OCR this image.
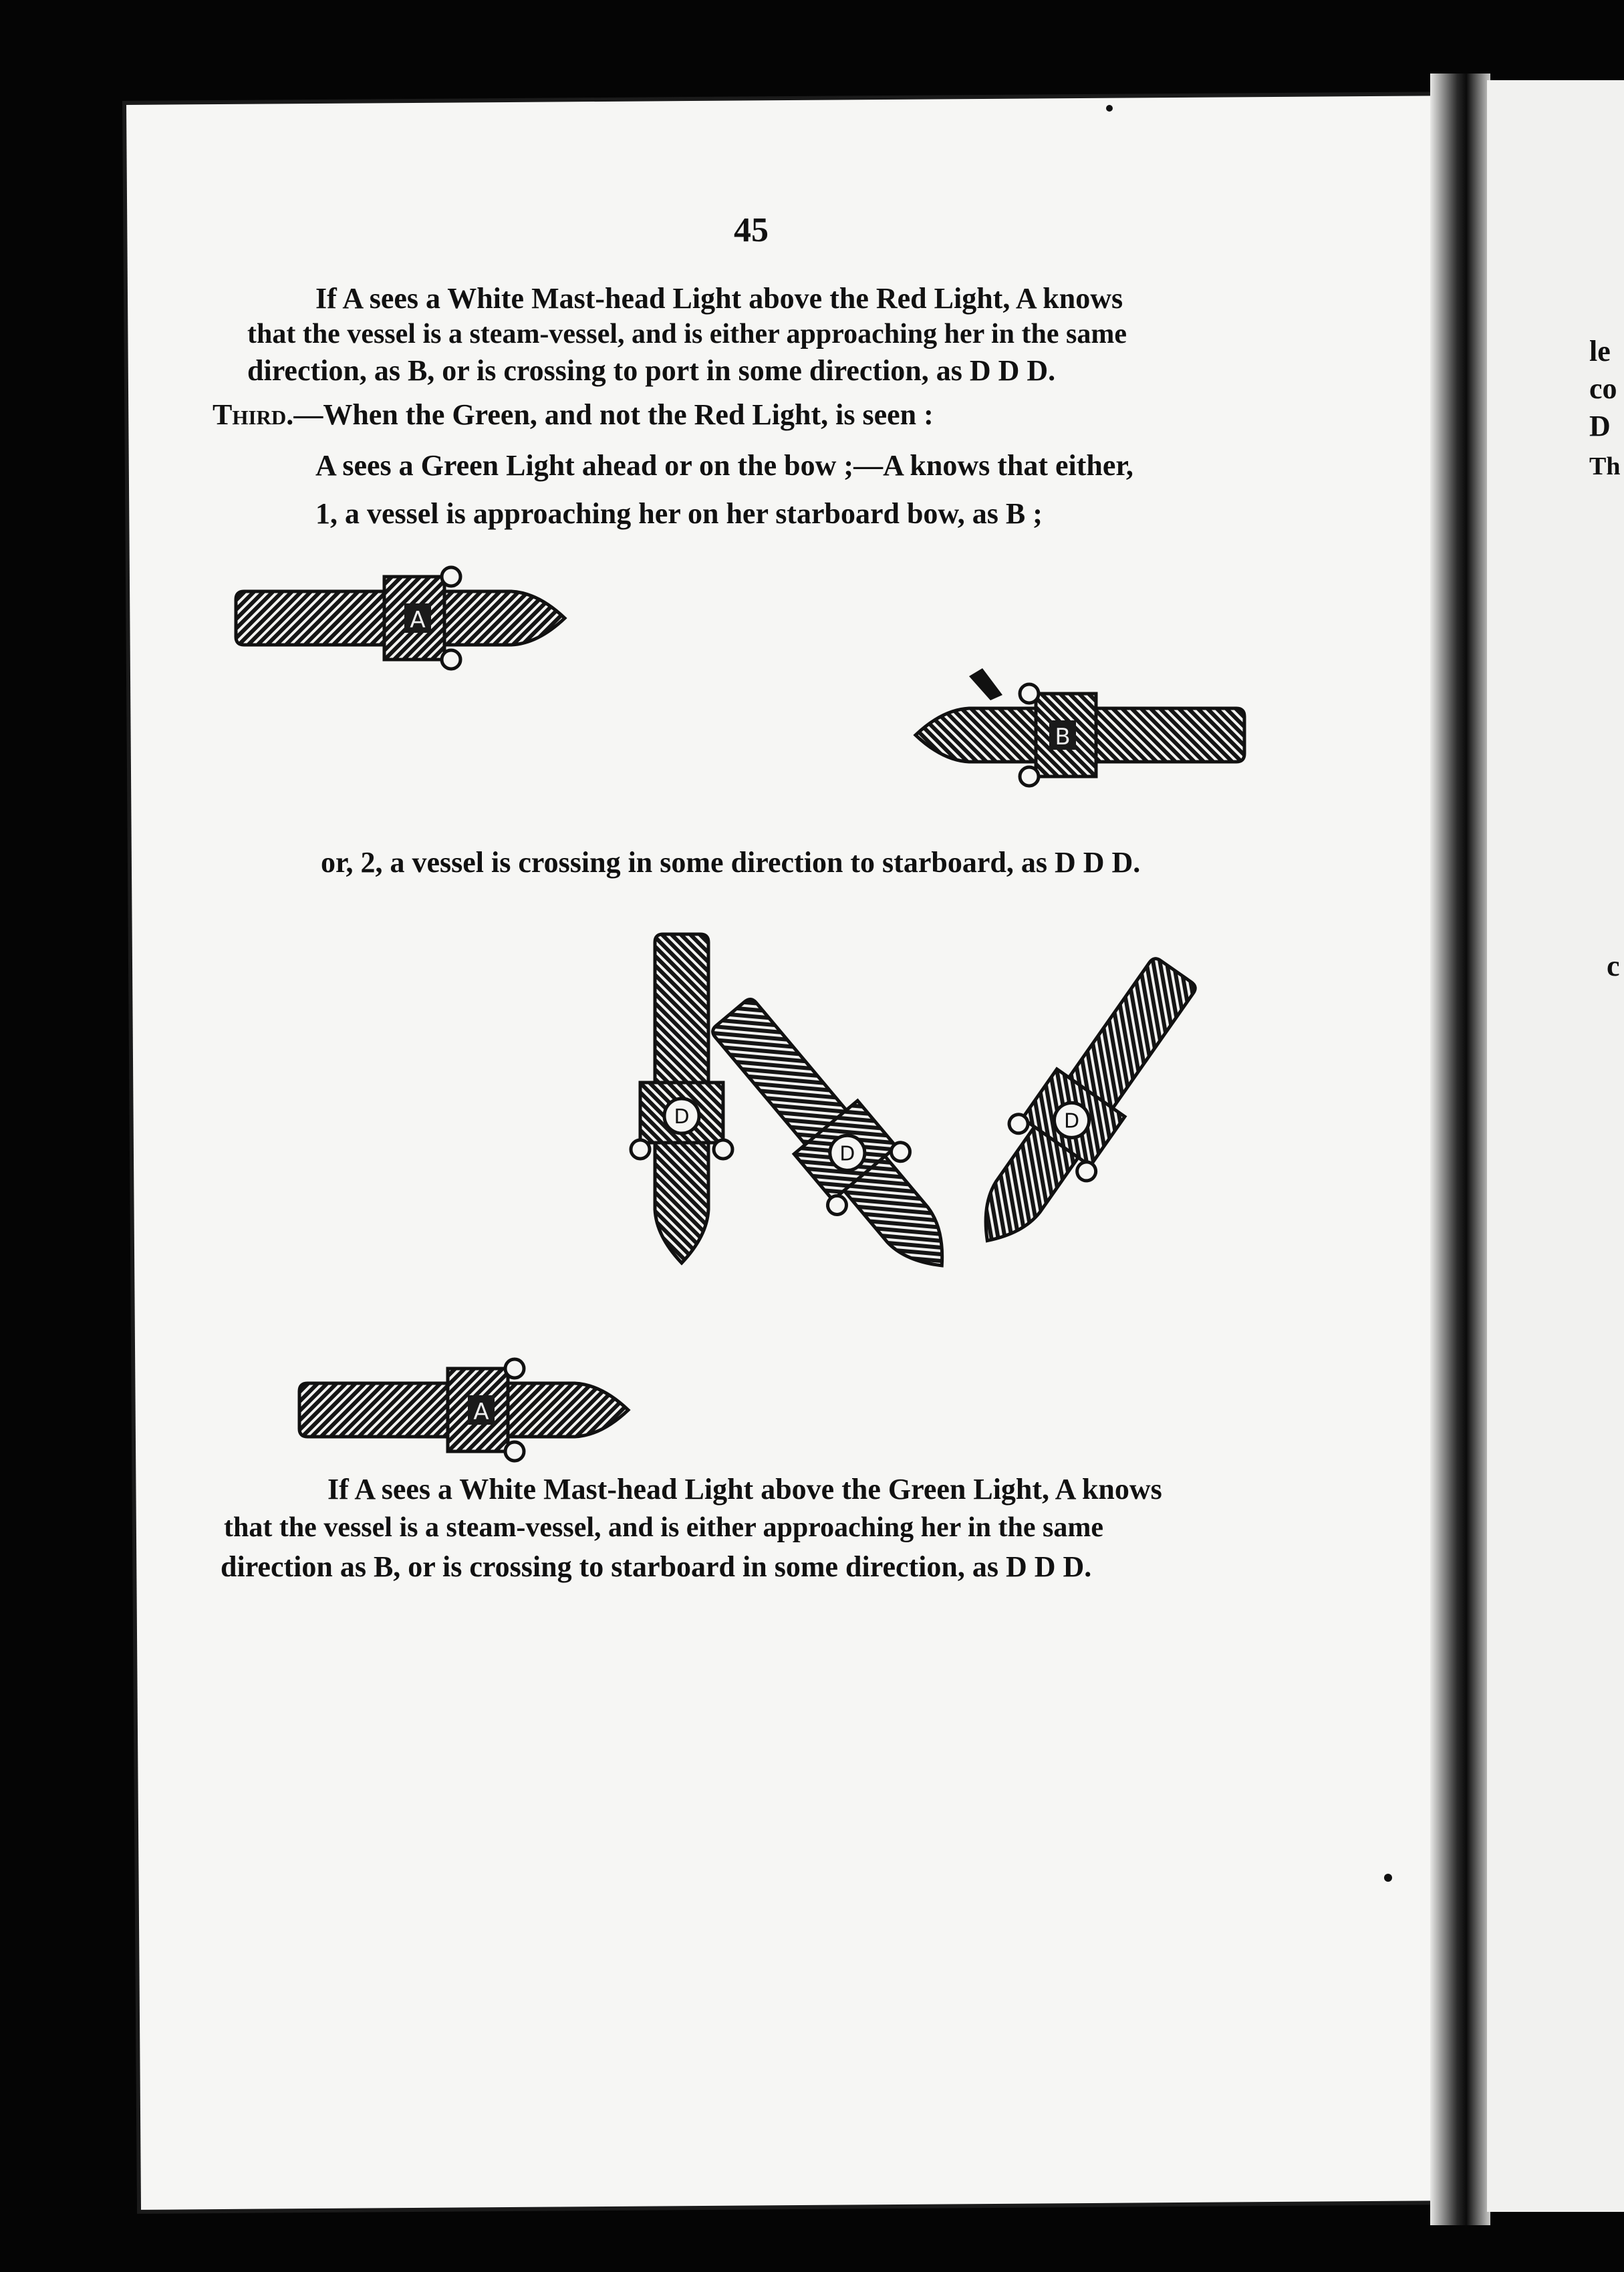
le
co
D
Th
c
45
If A sees a White Mast-head Light above the Red Light, A knows
that the vessel is a steam-vessel, and is either approaching her in the same
direction, as B, or is crossing to port in some direction, as D D D.
Third.—When the Green, and not the Red Light, is seen :
A sees a Green Light ahead or on the bow ;—A knows that either,
1, a vessel is approaching her on her starboard bow, as B ;
or, 2, a vessel is crossing in some direction to starboard, as D D D.
If A sees a White Mast-head Light above the Green Light, A knows
that the vessel is a steam-vessel, and is either approaching her in the same
direction as B, or is crossing to starboard in some direction, as D D D.
A
B
D
D
D
A
